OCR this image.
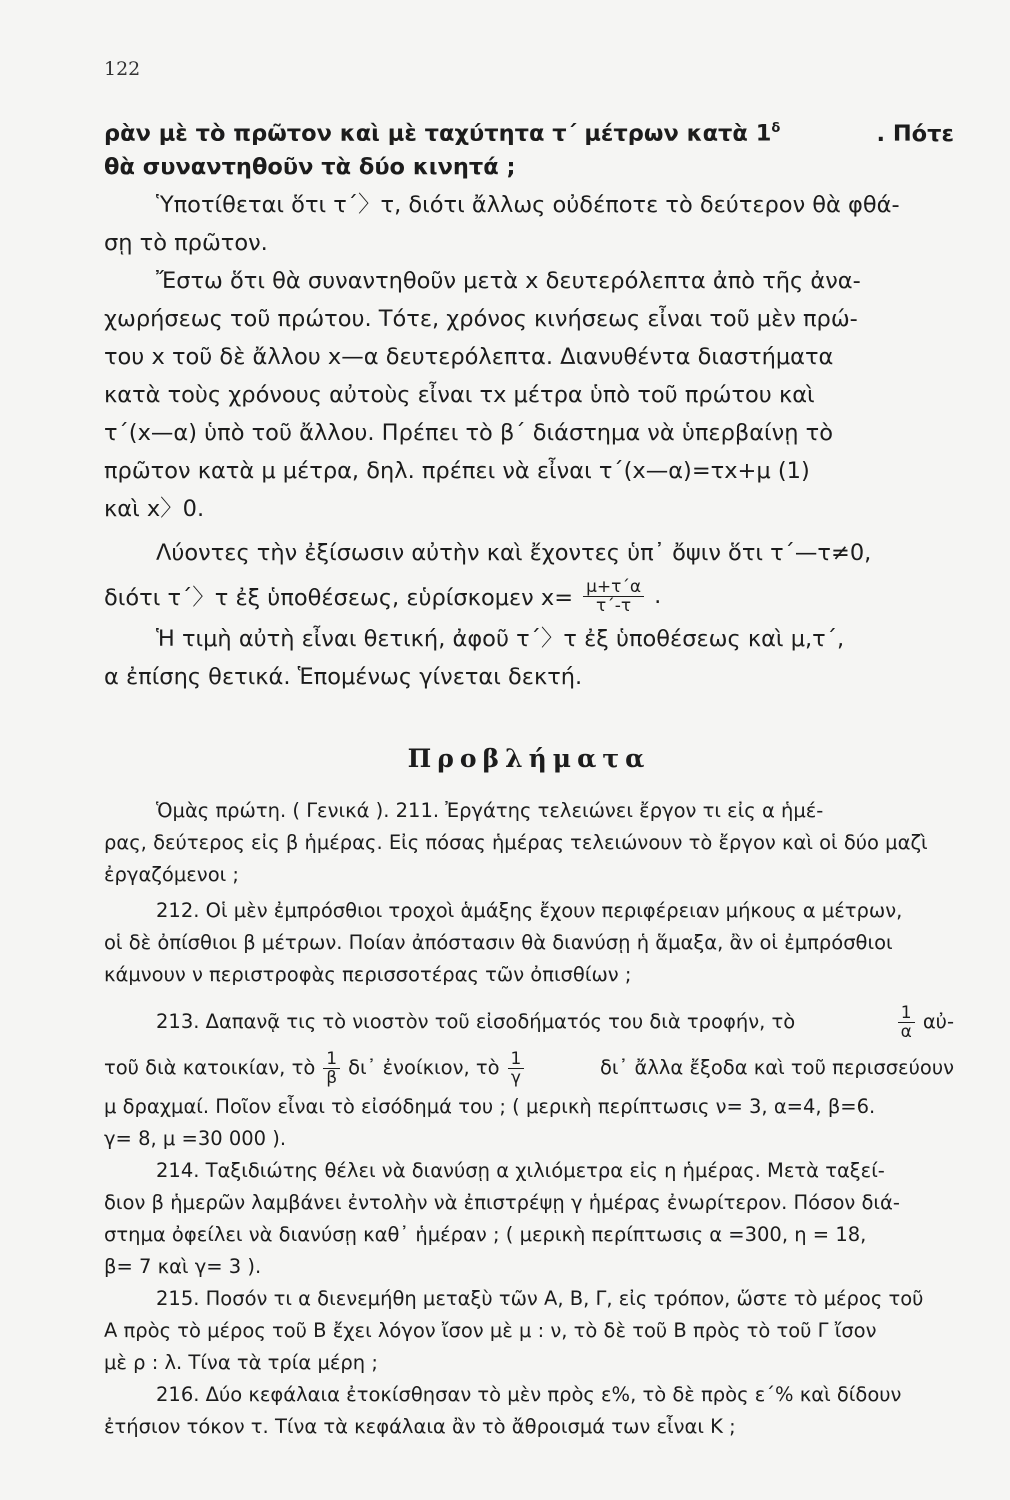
122
ρὰν μὲ τὸ πρῶτον καὶ μὲ ταχύτητα τ΄ μέτρων κατὰ $1^\delta$	. Πότε
θὰ συναντηθοῦν τὰ δύο κινητά ;
Ὑποτίθεται ὅτι τ΄〉τ, διότι ἄλλως οὐδέποτε τὸ δεύτερον θὰ φθά-
σῃ τὸ πρῶτον.
Ἔστω ὅτι θὰ συναντηθοῦν μετὰ x δευτερόλεπτα ἀπὸ τῆς ἀνα-
χωρήσεως τοῦ πρώτου. Τότε, χρόνος κινήσεως εἶναι τοῦ μὲν πρώ-
του x τοῦ δὲ ἄλλου x—α δευτερόλεπτα. Διανυθέντα διαστήματα
κατὰ τοὺς χρόνους αὐτοὺς εἶναι τx μέτρα ὑπὸ τοῦ πρώτου καὶ
τ΄(x—α) ὑπὸ τοῦ ἄλλου. Πρέπει τὸ β΄ διάστημα νὰ ὑπερβαίνῃ τὸ
πρῶτον κατὰ μ μέτρα, δηλ. πρέπει νὰ εἶναι τ΄(x—α)=τx+μ (1)
καὶ x〉0.
Λύοντες τὴν ἐξίσωσιν αὐτὴν καὶ ἔχοντες ὑπ᾽ ὄψιν ὅτι τ΄—τ≠0,
διότι τ΄〉τ ἐξ ὑποθέσεως, εὑρίσκομεν $x= \frac{\mu+\tau΄\alpha}{\tau΄-\tau}$ .
Ἡ τιμὴ αὐτὴ εἶναι θετική, ἀφοῦ τ΄〉τ ἐξ ὑποθέσεως καὶ μ,τ΄,
α ἐπίσης θετικά. Ἑπομένως γίνεται δεκτή.
Προβλήματα
Ὁμὰς πρώτη. ( Γενικά ). 211. Ἐργάτης τελειώνει ἔργον τι εἰς α ἡμέ-
ρας, δεύτερος εἰς β ἡμέρας. Εἰς πόσας ἡμέρας τελειώνουν τὸ ἔργον καὶ οἱ δύο μαζὶ
ἐργαζόμενοι ;
212. Οἱ μὲν ἐμπρόσθιοι τροχοὶ ἁμάξης ἔχουν περιφέρειαν μήκους α μέτρων,
οἱ δὲ ὀπίσθιοι β μέτρων. Ποίαν ἀπόστασιν θὰ διανύσῃ ἡ ἅμαξα, ἂν οἱ ἐμπρόσθιοι
κάμνουν ν περιστροφὰς περισσοτέρας τῶν ὀπισθίων ;
213. Δαπανᾷ τις τὸ νιοστὸν τοῦ εἰσοδήματός του διὰ τροφήν, τὸ	$\frac{1}{\alpha}$ αὐ-
τοῦ διὰ κατοικίαν, τὸ $\frac{1}{\beta}$ δι᾽ ἐνοίκιον, τὸ $\frac{1}{\gamma}$	δι᾽ ἄλλα ἔξοδα καὶ τοῦ περισσεύουν
μ δραχμαί. Ποῖον εἶναι τὸ εἰσόδημά του ; ( μερικὴ περίπτωσις ν= 3, α=4, β=6.
γ= 8, μ =30 000 ).
214. Ταξιδιώτης θέλει νὰ διανύσῃ α χιλιόμετρα εἰς η ἡμέρας. Μετὰ ταξεί-
διον β ἡμερῶν λαμβάνει ἐντολὴν νὰ ἐπιστρέψῃ γ ἡμέρας ἐνωρίτερον. Πόσον διά-
στημα ὀφείλει νὰ διανύσῃ καθ᾽ ἡμέραν ; ( μερικὴ περίπτωσις α =300, η = 18,
β= 7 καὶ γ= 3 ).
215. Ποσόν τι α διενεμήθη μεταξὺ τῶν Α, Β, Γ, εἰς τρόπον, ὥστε τὸ μέρος τοῦ
Α πρὸς τὸ μέρος τοῦ Β ἔχει λόγον ἴσον μὲ μ : ν, τὸ δὲ τοῦ Β πρὸς τὸ τοῦ Γ ἴσον
μὲ ρ : λ. Τίνα τὰ τρία μέρη ;
216. Δύο κεφάλαια ἐτοκίσθησαν τὸ μὲν πρὸς ε%, τὸ δὲ πρὸς ε΄% καὶ δίδουν
ἐτήσιον τόκον τ. Τίνα τὰ κεφάλαια ἂν τὸ ἄθροισμά των εἶναι Κ ;
